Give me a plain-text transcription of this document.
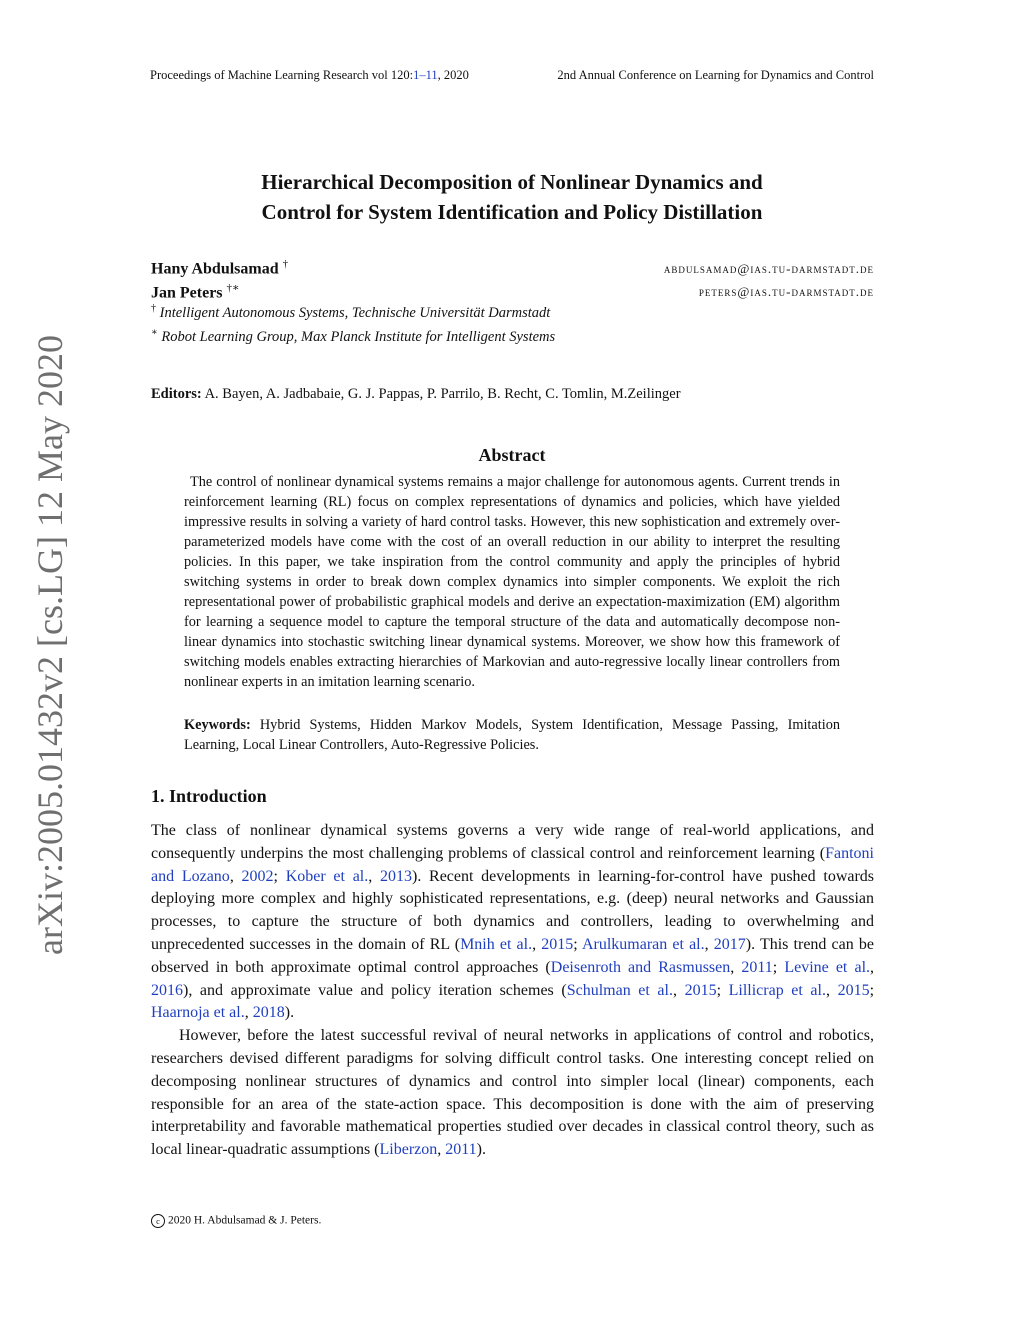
Proceedings of Machine Learning Research vol 120:1–11, 2020	2nd Annual Conference on Learning for Dynamics and Control
Hierarchical Decomposition of Nonlinear Dynamics and
Control for System Identification and Policy Distillation
Hany Abdulsamad †	abdulsamad@ias.tu-darmstadt.de
Jan Peters †∗	peters@ias.tu-darmstadt.de
† Intelligent Autonomous Systems, Technische Universität Darmstadt
∗ Robot Learning Group, Max Planck Institute for Intelligent Systems
Editors: A. Bayen, A. Jadbabaie, G. J. Pappas, P. Parrilo, B. Recht, C. Tomlin, M.Zeilinger
Abstract

The control of nonlinear dynamical systems remains a major challenge for autonomous agents. Current trends in reinforcement learning (RL) focus on complex representations of dynamics and policies, which have yielded impressive results in solving a variety of hard control tasks. However, this new sophistication and extremely over-parameterized models have come with the cost of an overall reduction in our ability to interpret the resulting policies. In this paper, we take inspiration from the control community and apply the principles of hybrid switching systems in order to break down complex dynamics into simpler components. We exploit the rich representational power of probabilistic graphical models and derive an expectation-maximization (EM) algorithm for learning a sequence model to capture the temporal structure of the data and automatically decompose non-linear dynamics into stochastic switching linear dynamical systems. Moreover, we show how this framework of switching models enables extracting hierarchies of Markovian and auto-regressive locally linear controllers from nonlinear experts in an imitation learning scenario.

Keywords: Hybrid Systems, Hidden Markov Models, System Identification, Message Passing, Imitation Learning, Local Linear Controllers, Auto-Regressive Policies.
1. Introduction

The class of nonlinear dynamical systems governs a very wide range of real-world applications, and consequently underpins the most challenging problems of classical control and reinforcement learning (Fantoni and Lozano, 2002; Kober et al., 2013). Recent developments in learning-for-control have pushed towards deploying more complex and highly sophisticated representations, e.g. (deep) neural networks and Gaussian processes, to capture the structure of both dynamics and controllers, leading to overwhelming and unprecedented successes in the domain of RL (Mnih et al., 2015; Arulkumaran et al., 2017). This trend can be observed in both approximate optimal control approaches (Deisenroth and Rasmussen, 2011; Levine et al., 2016), and approximate value and policy iteration schemes (Schulman et al., 2015; Lillicrap et al., 2015; Haarnoja et al., 2018).

However, before the latest successful revival of neural networks in applications of control and robotics, researchers devised different paradigms for solving difficult control tasks. One interesting concept relied on decomposing nonlinear structures of dynamics and control into simpler local (linear) components, each responsible for an area of the state-action space. This decomposition is done with the aim of preserving interpretability and favorable mathematical properties studied over decades in classical control theory, such as local linear-quadratic assumptions (Liberzon, 2011).

c 2020 H. Abdulsamad & J. Peters.
arXiv:2005.01432v2 [cs.LG] 12 May 2020
